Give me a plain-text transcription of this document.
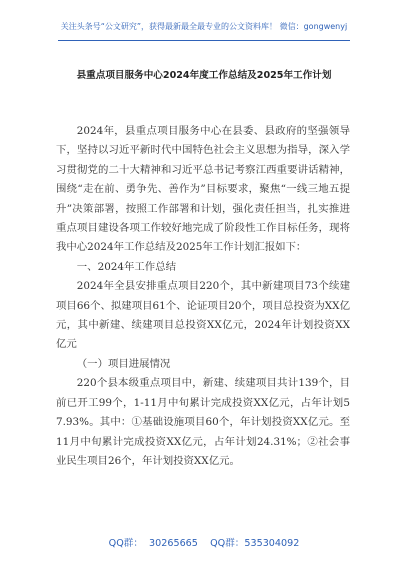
关注头条号“公文研究”，获得最新最全最专业的公文资料库！ 微信：gongwenyj
县重点项目服务中心2024年度工作总结及2025年工作计划

2024年，县重点项目服务中心在县委、县政府的坚强领导下，坚持以习近平新时代中国特色社会主义思想为指导，深入学习贯彻党的二十大精神和习近平总书记考察江西重要讲话精神，围绕“走在前、勇争先、善作为”目标要求，聚焦“一线三地五提升”决策部署，按照工作部署和计划，强化责任担当，扎实推进重点项目建设各项工作较好地完成了阶段性工作目标任务，现将我中心2024年工作总结及2025年工作计划汇报如下：

一、2024年工作总结

2024年全县安排重点项目220个，其中新建项目73个续建项目66个、拟建项目61个、论证项目20个，项目总投资为XX亿元，其中新建、续建项目总投资XX亿元，2024年计划投资XX亿元

（一）项目进展情况

220个县本级重点项目中，新建、续建项目共计139个，目前已开工99个，1-11月中旬累计完成投资XX亿元，占年计划57.93%。其中：①基础设施项目60个，年计划投资XX亿元。至11月中旬累计完成投资XX亿元，占年计划24.31%；②社会事业民生项目26个，年计划投资XX亿元。

QQ群：  30265665    QQ群：535304092
